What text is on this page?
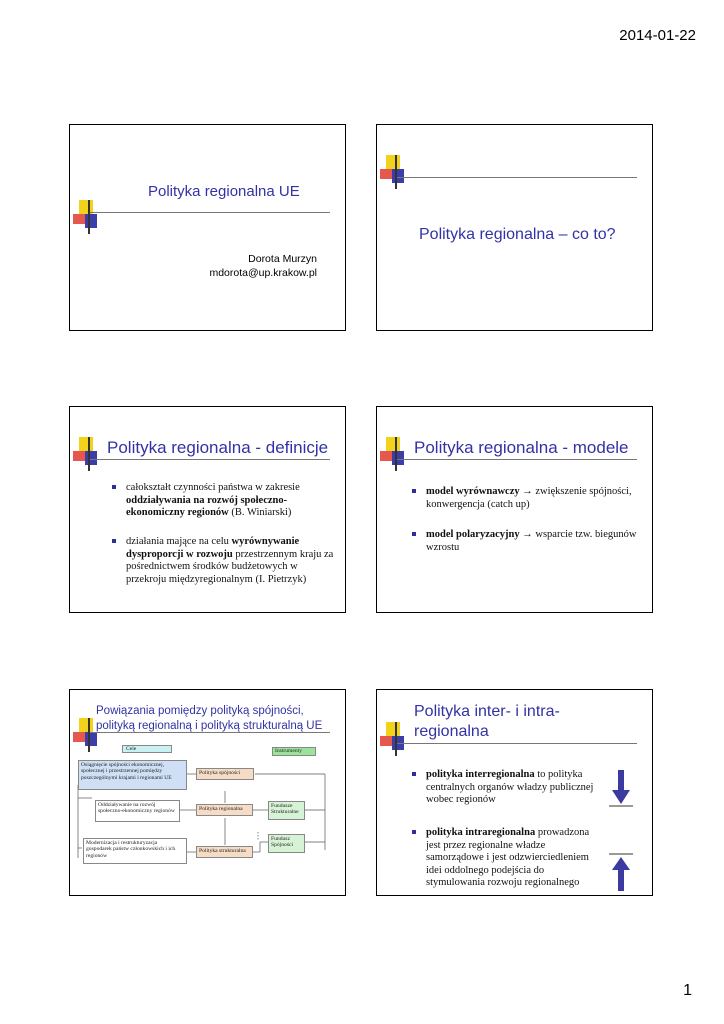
2014-01-22
Polityka regionalna UE
Dorota Murzyn
mdorota@up.krakow.pl
Polityka regionalna – co to?
Polityka regionalna - definicje
całokształt czynności państwa w zakresie oddziaływania na rozwój społeczno-ekonomiczny regionów (B. Winiarski)
działania mające na celu wyrównywanie dysproporcji w rozwoju przestrzennym kraju za pośrednictwem środków budżetowych w przekroju międzyregionalnym (I. Pietrzyk)
Polityka regionalna - modele
model wyrównawczy → zwiększenie spójności, konwergencja (catch up)
model polaryzacyjny → wsparcie tzw. biegunów wzrostu
Powiązania pomiędzy polityką spójności,
polityką regionalną i polityką strukturalną UE
Cele	Instrumenty
Osiągnięcie spójności ekonomicznej, społecznej i przestrzennej pomiędzy poszczególnymi krajami i regionami UE
Polityka spójności
Oddziaływanie na rozwój społeczno-ekonomiczny regionów	Polityka regionalna	Fundusze Strukturalne
Modernizacja i restrukturyzacja gospodarek państw członkowskich i ich regionów
Polityka strukturalna
Fundusz Spójności
Polityka inter- i intra-
regionalna
polityka interregionalna to polityka centralnych organów władzy publicznej wobec regionów
polityka intraregionalna prowadzona jest przez regionalne władze samorządowe i jest odzwierciedleniem idei oddolnego podejścia do stymulowania rozwoju regionalnego
1
